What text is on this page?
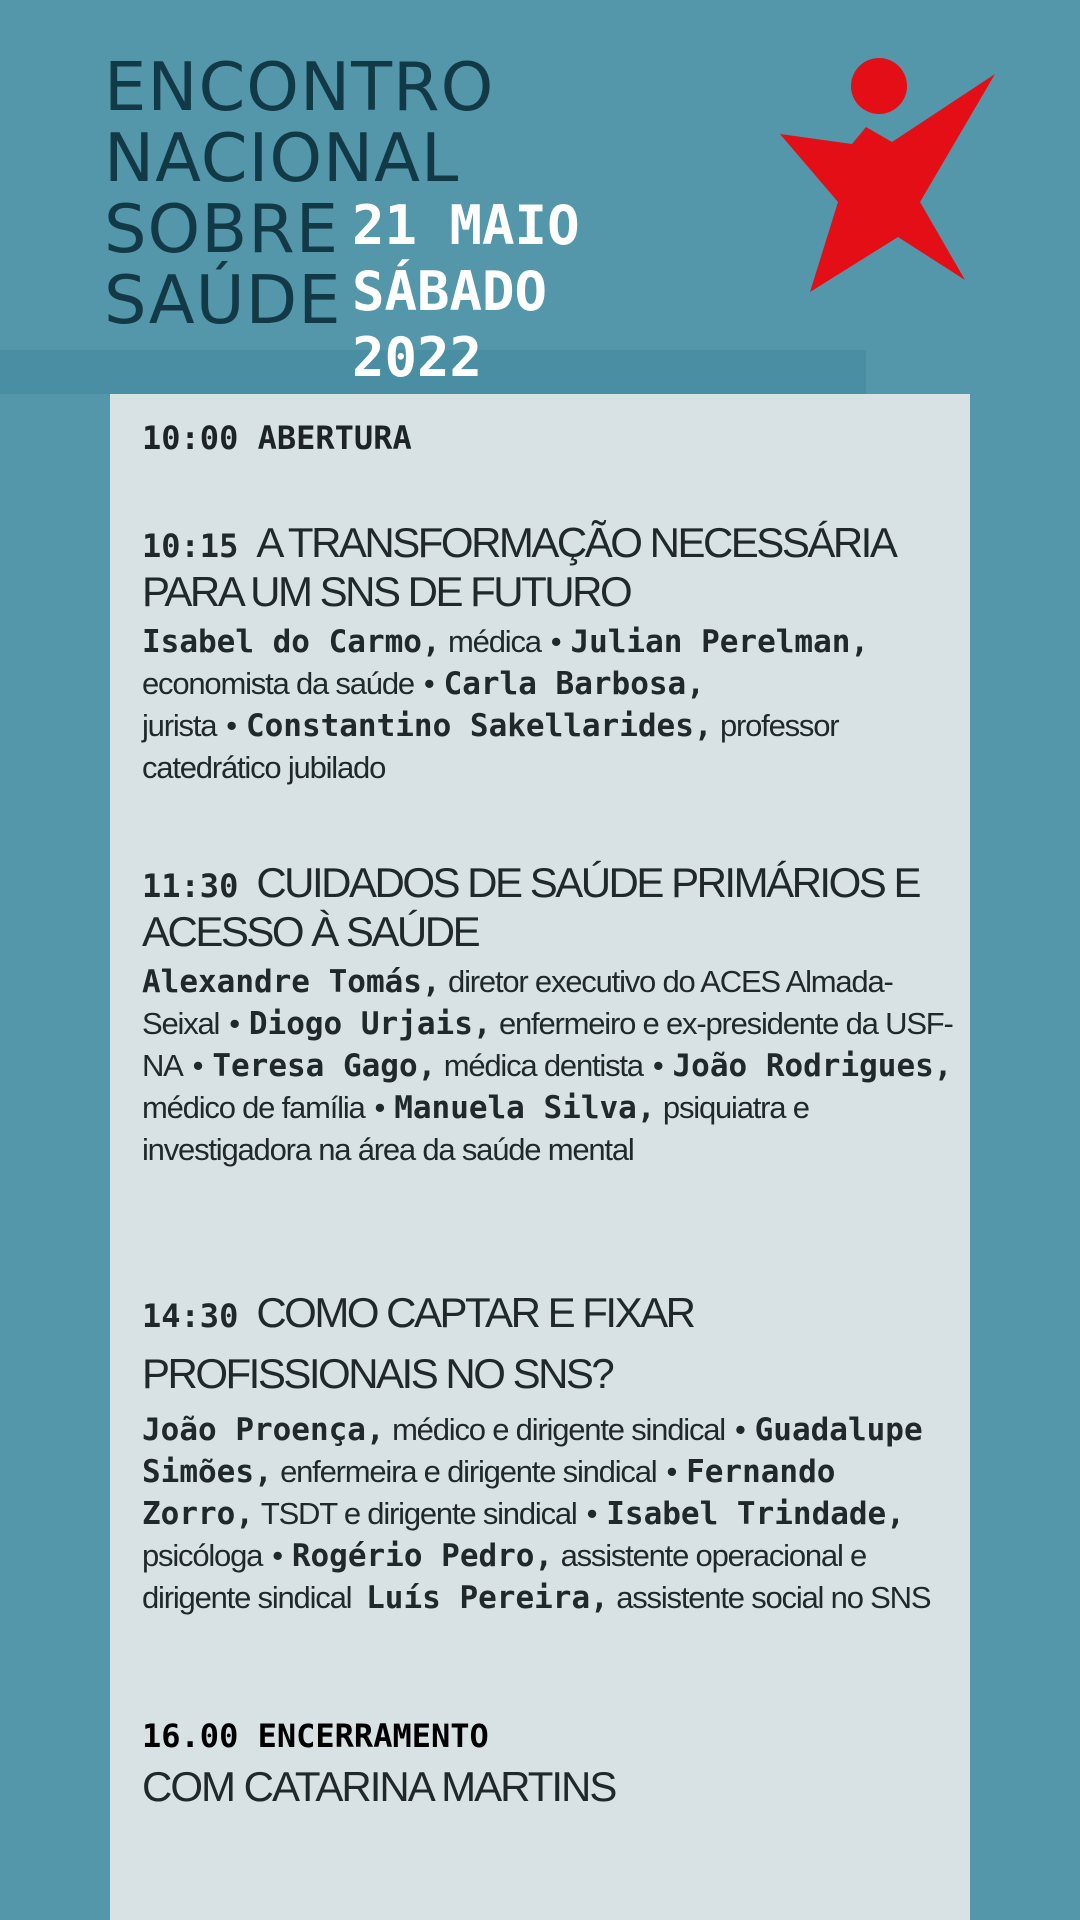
ENCONTRO
NACIONAL
SOBRE
SAÚDE
21 MAIO
SÁBADO
2022
10:00 ABERTURA

10:15 A TRANSFORMAÇÃO NECESSÁRIA PARA UM SNS DE FUTURO

Isabel do Carmo, médica • Julian Perelman, economista da saúde • Carla Barbosa, jurista • Constantino Sakellarides, professor catedrático jubilado

11:30 CUIDADOS DE SAÚDE PRIMÁRIOS E ACESSO À SAÚDE

Alexandre Tomás, diretor executivo do ACES Almada-Seixal • Diogo Urjais, enfermeiro e ex-presidente da USF-NA • Teresa Gago, médica dentista • João Rodrigues, médico de família • Manuela Silva, psiquiatra e investigadora na área da saúde mental

14:30 COMO CAPTAR E FIXAR PROFISSIONAIS NO SNS?

João Proença, médico e dirigente sindical • Guadalupe Simões, enfermeira e dirigente sindical • Fernando Zorro, TSDT e dirigente sindical • Isabel Trindade, psicóloga • Rogério Pedro, assistente operacional e dirigente sindical Luís Pereira, assistente social no SNS
16.00 ENCERRAMENTO
COM CATARINA MARTINS
